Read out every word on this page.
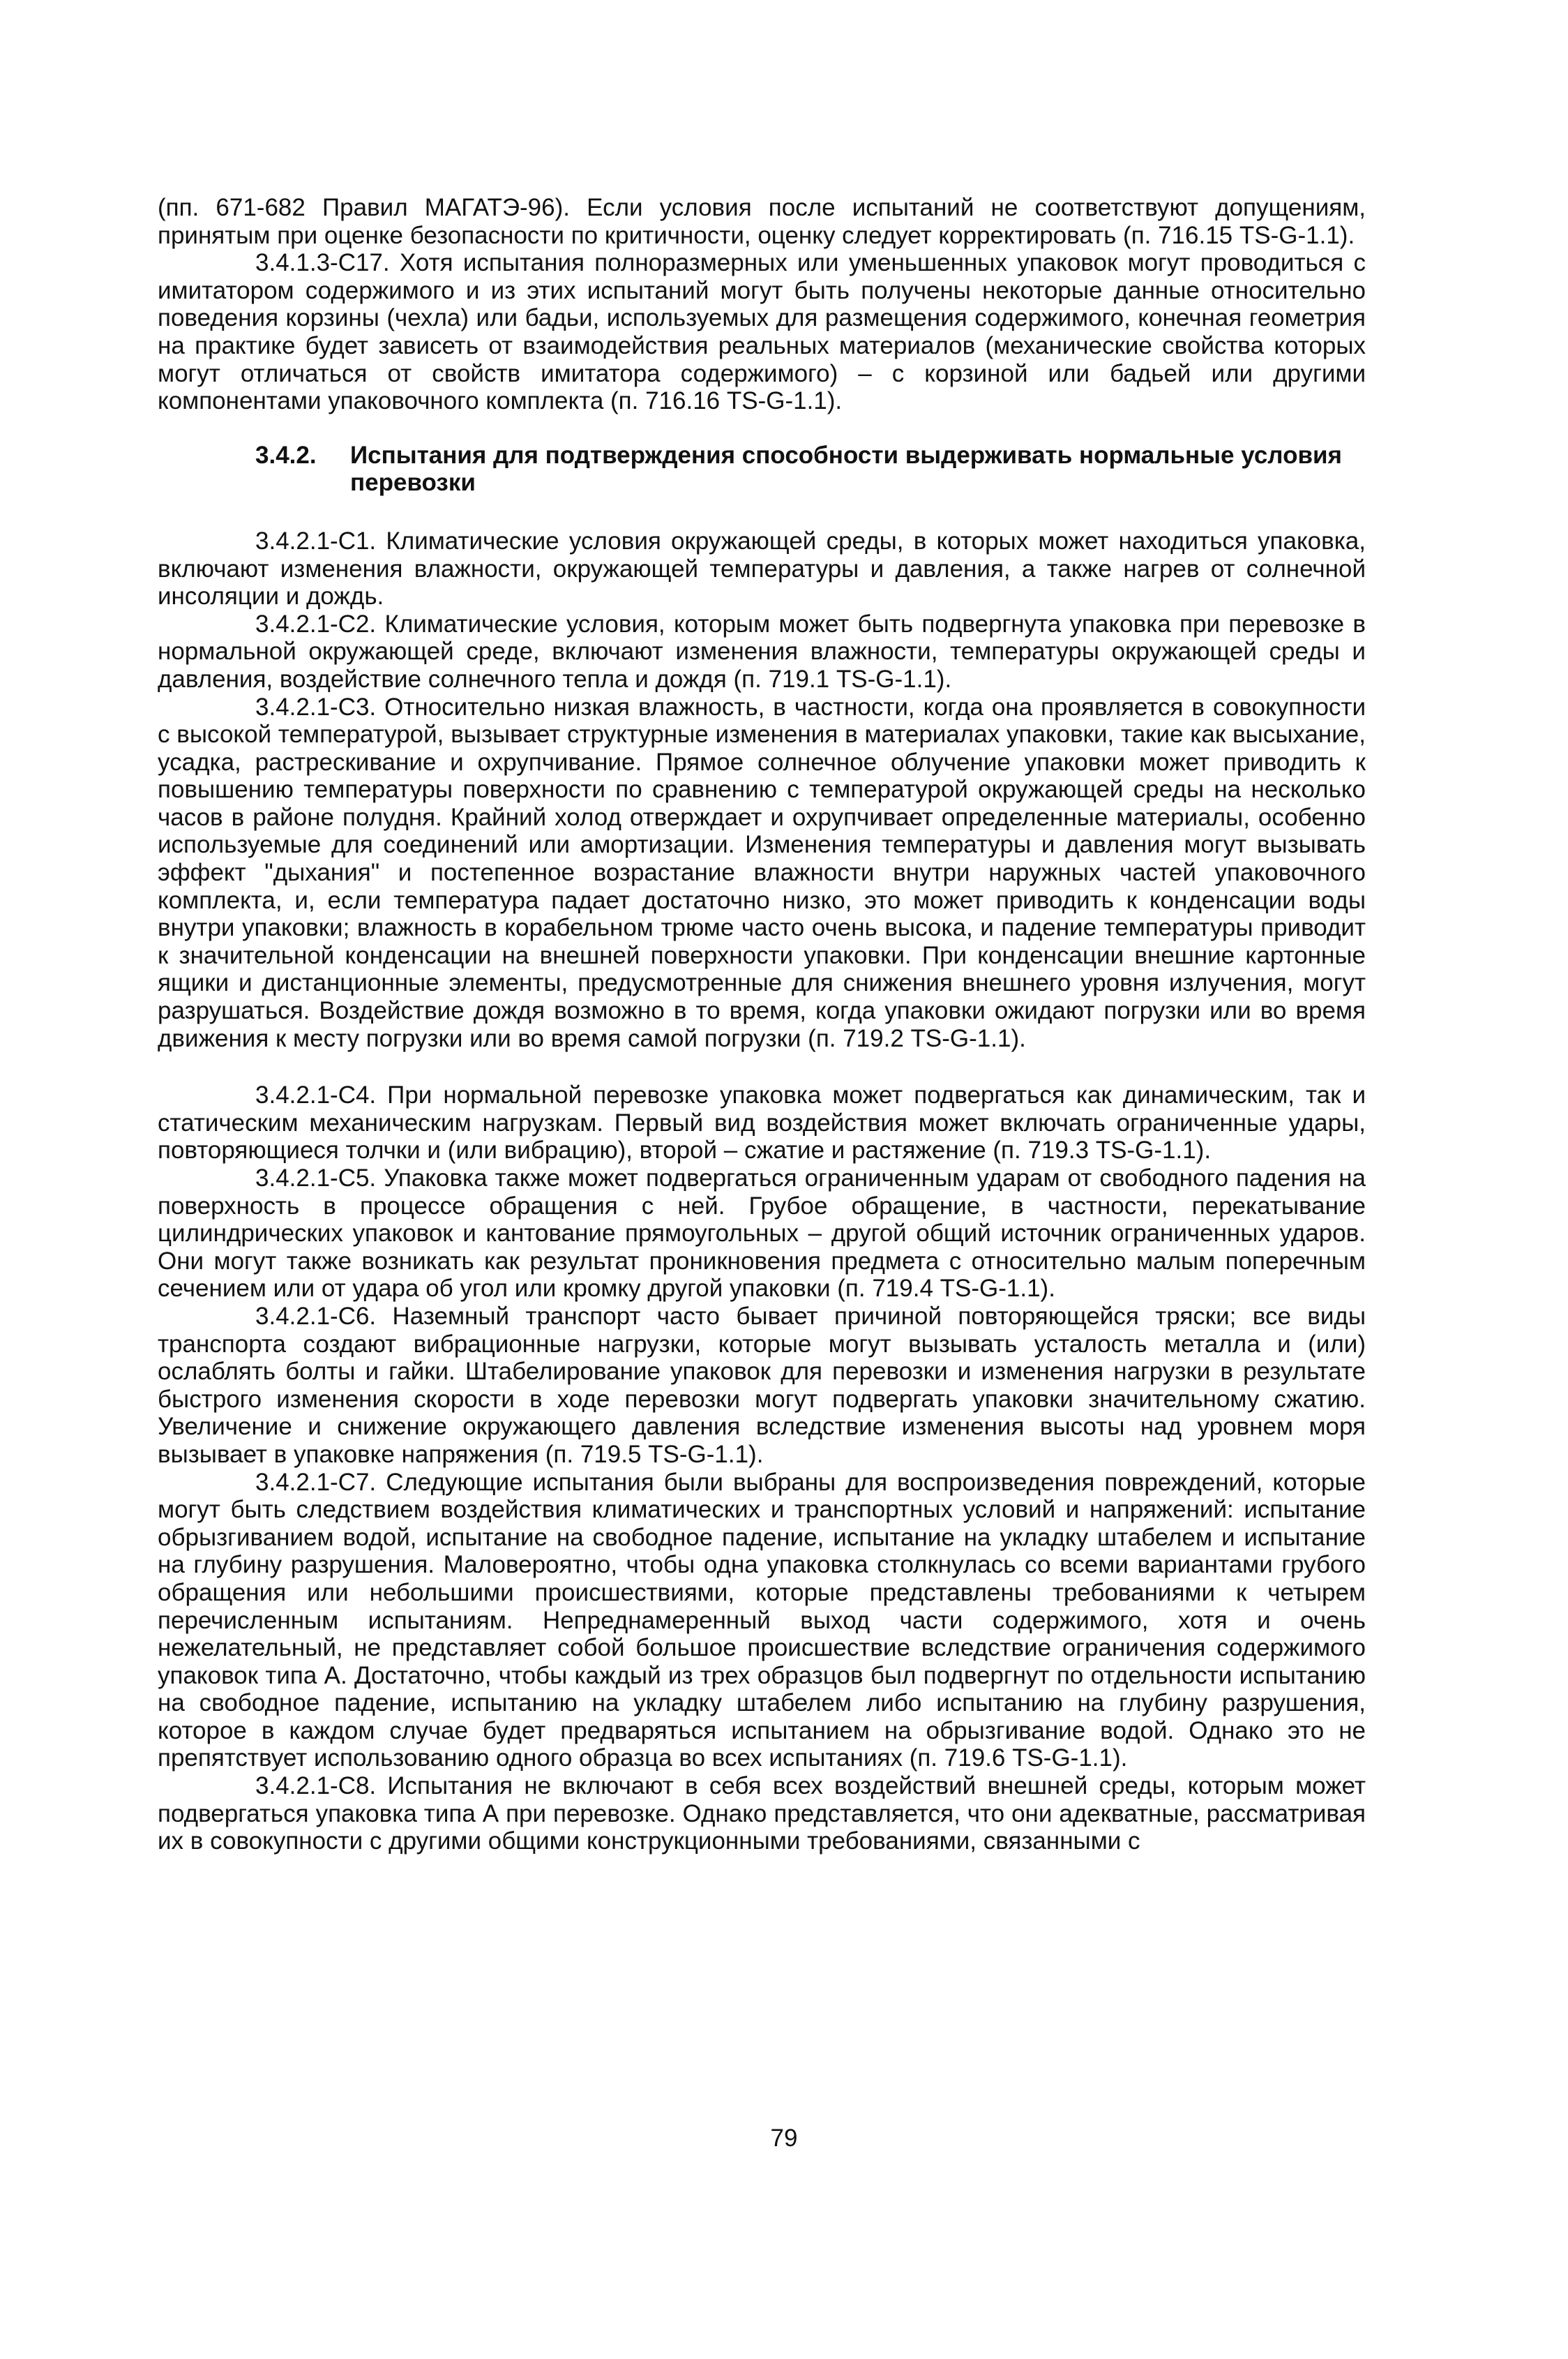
(пп. 671-682 Правил МАГАТЭ-96). Если условия после испытаний не соответствуют допущениям, принятым при оценке безопасности по критичности, оценку следует корректировать (п. 716.15 TS-G-1.1).

3.4.1.3-С17. Хотя испытания полноразмерных или уменьшенных упаковок могут проводиться с имитатором содержимого и из этих испытаний могут быть получены некоторые данные относительно поведения корзины (чехла) или бадьи, используемых для размещения содержимого, конечная геометрия на практике будет зависеть от взаимодействия реальных материалов (механические свойства которых могут отличаться от свойств имитатора содержимого) – с корзиной или бадьей или другими компонентами упаковочного комплекта (п. 716.16 TS-G-1.1).

3.4.2.	Испытания для подтверждения способности выдерживать нормальные условия перевозки

3.4.2.1-С1. Климатические условия окружающей среды, в которых может находиться упаковка, включают изменения влажности, окружающей температуры и давления, а также нагрев от солнечной инсоляции и дождь.

3.4.2.1-С2. Климатические условия, которым может быть подвергнута упаковка при перевозке в нормальной окружающей среде, включают изменения влажности, температуры окружающей среды и давления, воздействие солнечного тепла и дождя (п. 719.1 TS-G-1.1).

3.4.2.1-С3. Относительно низкая влажность, в частности, когда она проявляется в совокупности с высокой температурой, вызывает структурные изменения в материалах упаковки, такие как высыхание, усадка, растрескивание и охрупчивание. Прямое солнечное облучение упаковки может приводить к повышению температуры поверхности по сравнению с температурой окружающей среды на несколько часов в районе полудня. Крайний холод отверждает и охрупчивает определенные материалы, особенно используемые для соединений или амортизации. Изменения температуры и давления могут вызывать эффект "дыхания" и постепенное возрастание влажности внутри наружных частей упаковочного комплекта, и, если температура падает достаточно низко, это может приводить к конденсации воды внутри упаковки; влажность в корабельном трюме часто очень высока, и падение температуры приводит к значительной конденсации на внешней поверхности упаковки. При конденсации внешние картонные ящики и дистанционные элементы, предусмотренные для снижения внешнего уровня излучения, могут разрушаться. Воздействие дождя возможно в то время, когда упаковки ожидают погрузки или во время движения к месту погрузки или во время самой погрузки (п. 719.2 TS-G-1.1).

3.4.2.1-С4. При нормальной перевозке упаковка может подвергаться как динамическим, так и статическим механическим нагрузкам. Первый вид воздействия может включать ограниченные удары, повторяющиеся толчки и (или вибрацию), второй – сжатие и растяжение (п. 719.3 TS-G-1.1).

3.4.2.1-С5. Упаковка также может подвергаться ограниченным ударам от свободного падения на поверхность в процессе обращения с ней. Грубое обращение, в частности, перекатывание цилиндрических упаковок и кантование прямоугольных – другой общий источник ограниченных ударов. Они могут также возникать как результат проникновения предмета с относительно малым поперечным сечением или от удара об угол или кромку другой упаковки (п. 719.4 TS-G-1.1).

3.4.2.1-С6. Наземный транспорт часто бывает причиной повторяющейся тряски; все виды транспорта создают вибрационные нагрузки, которые могут вызывать усталость металла и (или) ослаблять болты и гайки. Штабелирование упаковок для перевозки и изменения нагрузки в результате быстрого изменения скорости в ходе перевозки могут подвергать упаковки значительному сжатию. Увеличение и снижение окружающего давления вследствие изменения высоты над уровнем моря вызывает в упаковке напряжения (п. 719.5 TS-G-1.1).

3.4.2.1-С7. Следующие испытания были выбраны для воспроизведения повреждений, которые могут быть следствием воздействия климатических и транспортных условий и напряжений: испытание обрызгиванием водой, испытание на свободное падение, испытание на укладку штабелем и испытание на глубину разрушения. Маловероятно, чтобы одна упаковка столкнулась со всеми вариантами грубого обращения или небольшими происшествиями, которые представлены требованиями к четырем перечисленным испытаниям. Непреднамеренный выход части содержимого, хотя и очень нежелательный, не представляет собой большое происшествие вследствие ограничения содержимого упаковок типа А. Достаточно, чтобы каждый из трех образцов был подвергнут по отдельности испытанию на свободное падение, испытанию на укладку штабелем либо испытанию на глубину разрушения, которое в каждом случае будет предваряться испытанием на обрызгивание водой. Однако это не препятствует использованию одного образца во всех испытаниях (п. 719.6 TS-G-1.1).

3.4.2.1-С8. Испытания не включают в себя всех воздействий внешней среды, которым может подвергаться упаковка типа А при перевозке. Однако представляется, что они адекватные, рассматривая их в совокупности с другими общими конструкционными требованиями, связанными с

79
